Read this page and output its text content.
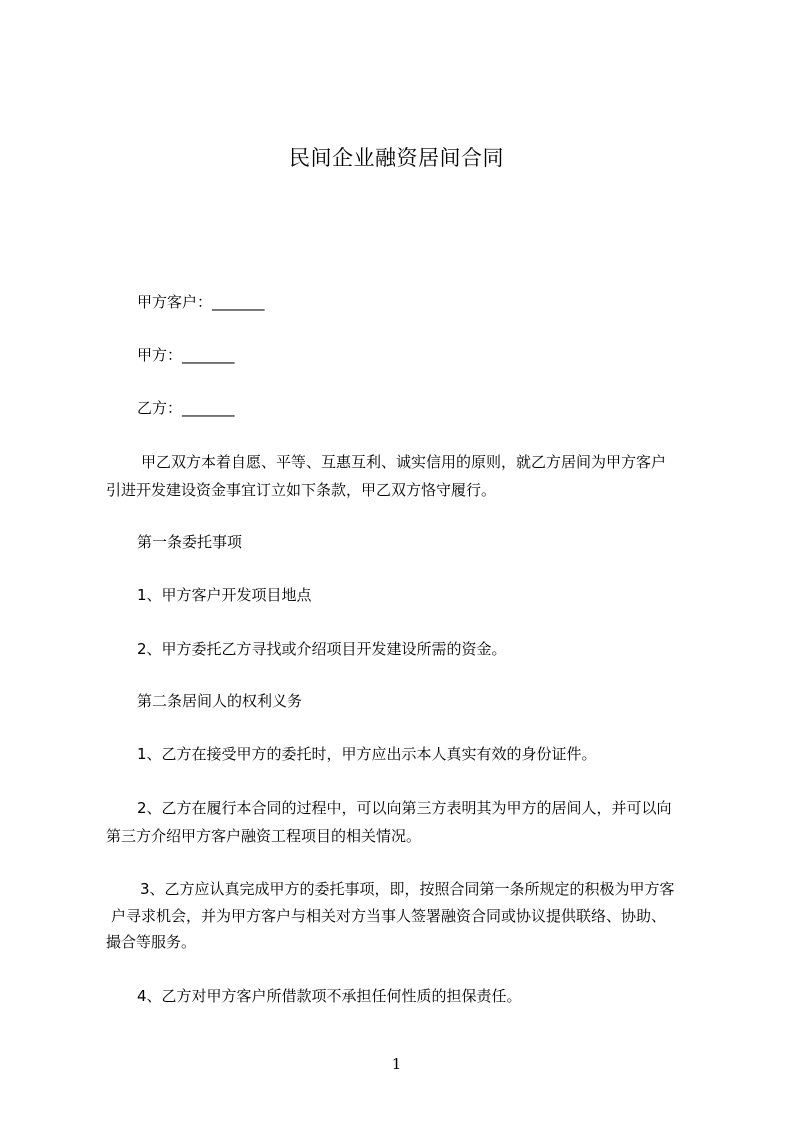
民间企业融资居间合同
甲方客户：_______
甲方：_______
乙方：_______
甲乙双方本着自愿、平等、互惠互利、诚实信用的原则，就乙方居间为甲方客户
引进开发建设资金事宜订立如下条款，甲乙双方恪守履行。
第一条委托事项
1、甲方客户开发项目地点
2、甲方委托乙方寻找或介绍项目开发建设所需的资金。
第二条居间人的权利义务
1、乙方在接受甲方的委托时，甲方应出示本人真实有效的身份证件。
2、乙方在履行本合同的过程中，可以向第三方表明其为甲方的居间人，并可以向
第三方介绍甲方客户融资工程项目的相关情况。
3、乙方应认真完成甲方的委托事项，即，按照合同第一条所规定的积极为甲方客
户寻求机会，并为甲方客户与相关对方当事人签署融资合同或协议提供联络、协助、
撮合等服务。
4、乙方对甲方客户所借款项不承担任何性质的担保责任。
1
